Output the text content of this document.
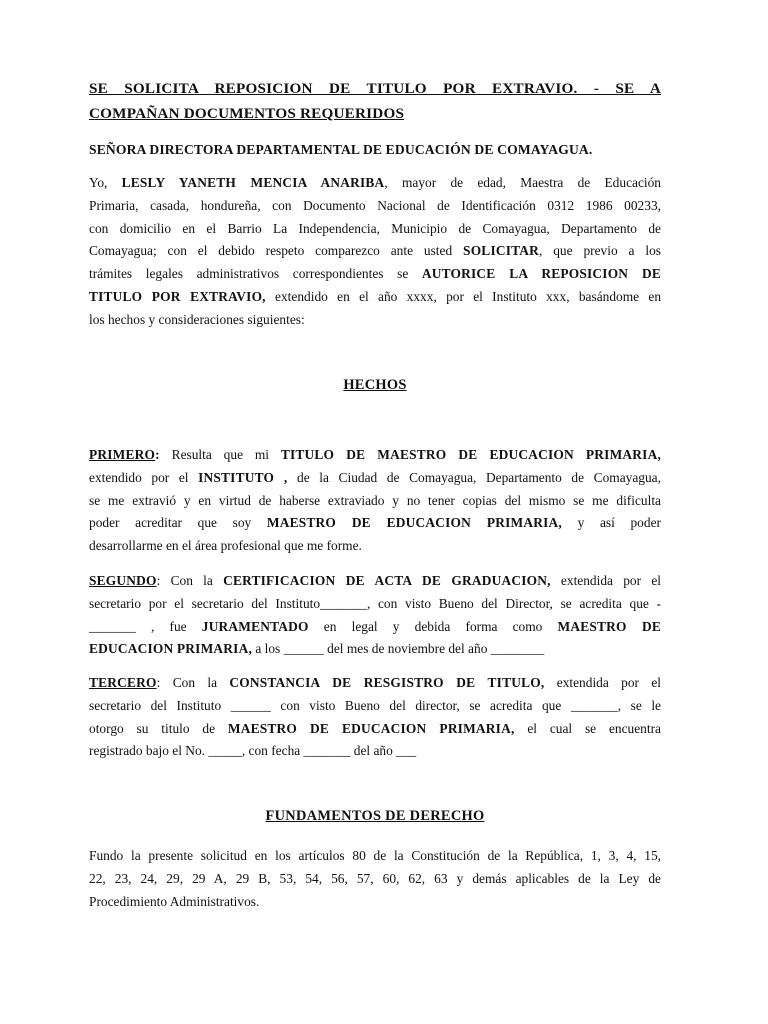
SE SOLICITA REPOSICION DE TITULO POR EXTRAVIO. - SE A
COMPAÑAN DOCUMENTOS REQUERIDOS
SEÑORA DIRECTORA DEPARTAMENTAL DE EDUCACIÓN DE COMAYAGUA.
Yo, LESLY YANETH MENCIA ANARIBA, mayor de edad, Maestra de Educación
Primaria, casada, hondureña, con Documento Nacional de Identificación 0312 1986 00233,
con domicilio en el Barrio La Independencia, Municipio de Comayagua, Departamento de
Comayagua; con el debido respeto comparezco ante usted SOLICITAR, que previo a los
trámites legales administrativos correspondientes se AUTORICE LA REPOSICION DE
TITULO POR EXTRAVIO, extendido en el año xxxx, por el Instituto xxx, basándome en
los hechos y consideraciones siguientes:
HECHOS
PRIMERO: Resulta que mi TITULO DE MAESTRO DE EDUCACION PRIMARIA,
extendido por el INSTITUTO , de la Ciudad de Comayagua, Departamento de Comayagua,
se me extravió y en virtud de haberse extraviado y no tener copias del mismo se me dificulta
poder acreditar que soy MAESTRO DE EDUCACION PRIMARIA, y así poder
desarrollarme en el área profesional que me forme.
SEGUNDO: Con la CERTIFICACION DE ACTA DE GRADUACION, extendida por el
secretario por el secretario del Instituto_______, con visto Bueno del Director, se acredita que -
_______ , fue JURAMENTADO en legal y debida forma como MAESTRO DE
EDUCACION PRIMARIA, a los ______ del mes de noviembre del año ________
TERCERO: Con la CONSTANCIA DE RESGISTRO DE TITULO, extendida por el
secretario del Instituto ______ con visto Bueno del director, se acredita que _______, se le
otorgo su titulo de MAESTRO DE EDUCACION PRIMARIA, el cual se encuentra
registrado bajo el No. _____, con fecha _______ del año ___
FUNDAMENTOS DE DERECHO
Fundo la presente solicitud en los artículos 80 de la Constitución de la República, 1, 3, 4, 15,
22, 23, 24, 29, 29 A, 29 B, 53, 54, 56, 57, 60, 62, 63 y demás aplicables de la Ley de
Procedimiento Administrativos.
